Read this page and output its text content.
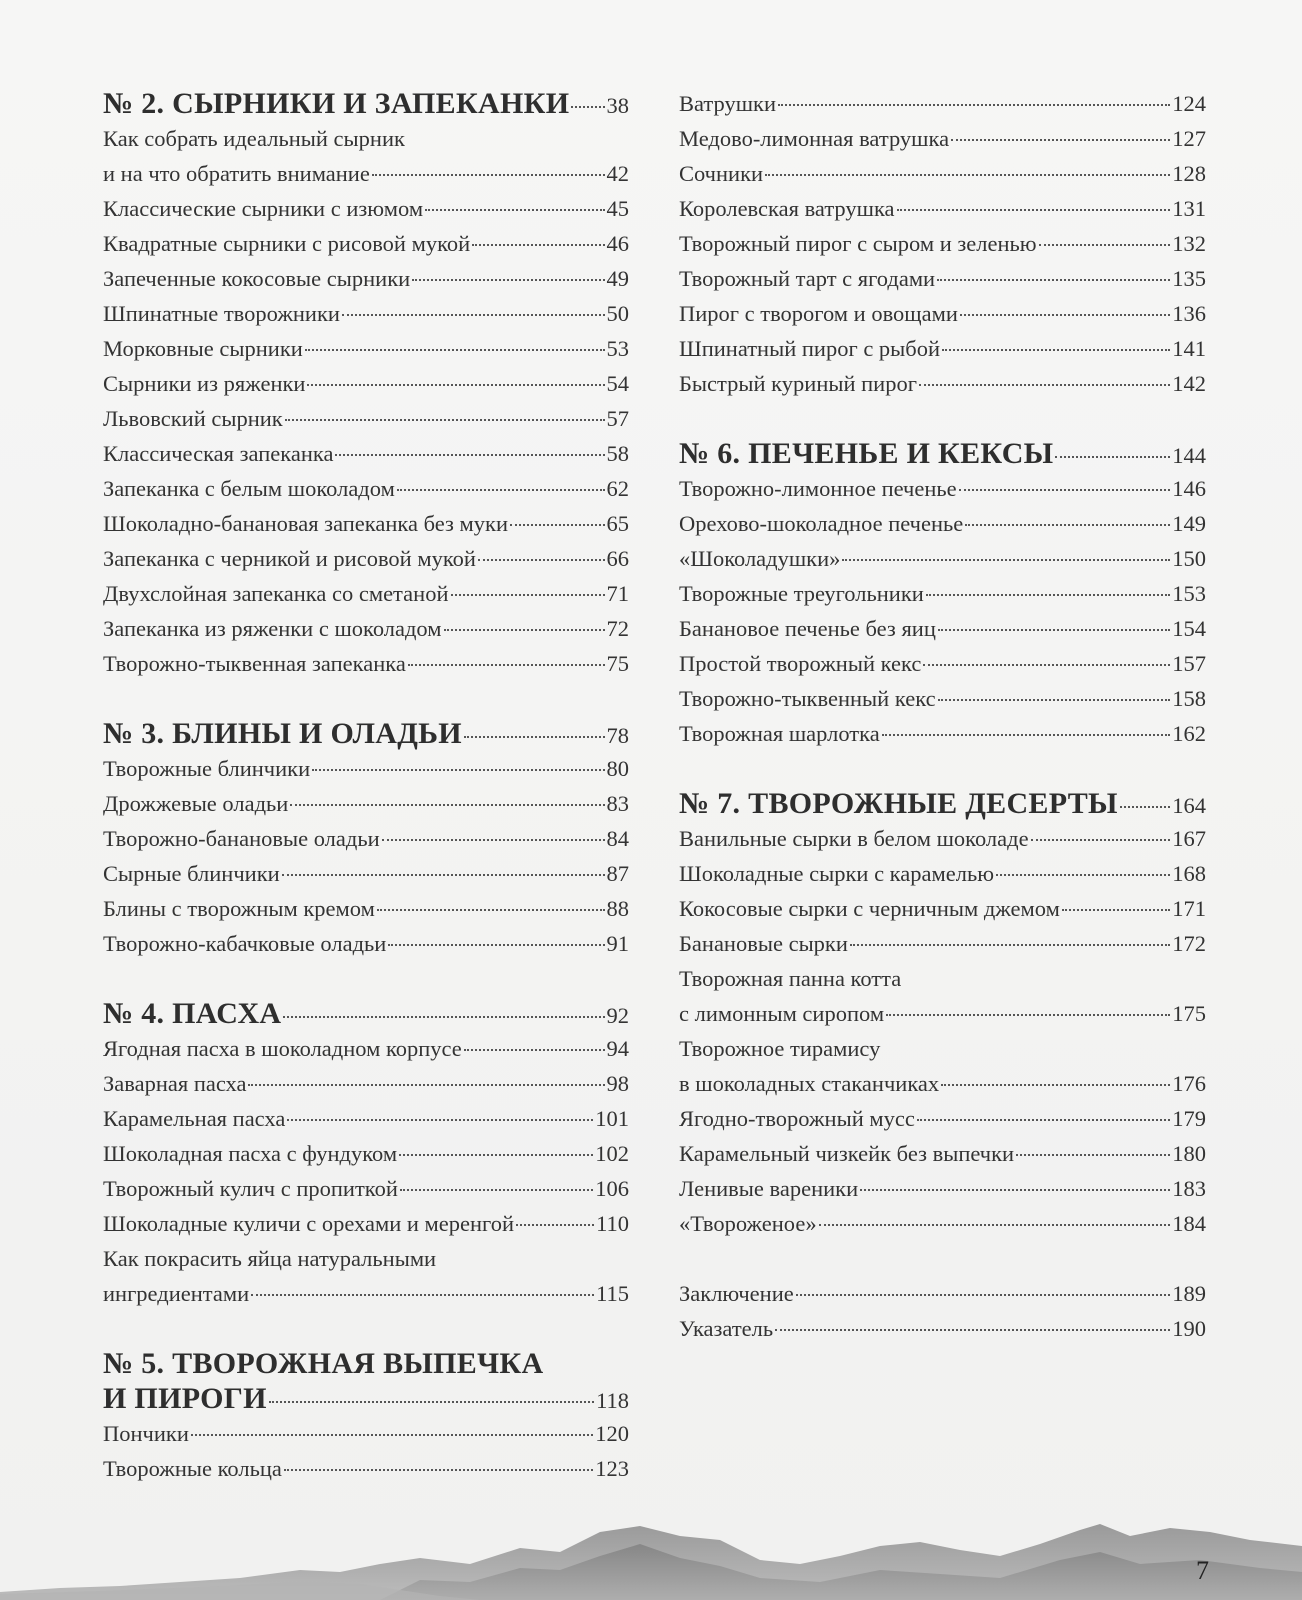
№ 2. СЫРНИКИ И ЗАПЕКАНКИ 38
Как собрать идеальный сырник
и на что обратить внимание	42
Классические сырники с изюмом	45
Квадратные сырники с рисовой мукой	46
Запеченные кокосовые сырники	49
Шпинатные творожники	50
Морковные сырники	53
Сырники из ряженки	54
Львовский сырник	57
Классическая запеканка	58
Запеканка с белым шоколадом	62
Шоколадно-банановая запеканка без муки	65
Запеканка с черникой и рисовой мукой	66
Двухслойная запеканка со сметаной	71
Запеканка из ряженки с шоколадом	72
Творожно-тыквенная запеканка	75
№ 3. БЛИНЫ И ОЛАДЬИ	78
Творожные блинчики	80
Дрожжевые оладьи	83
Творожно-банановые оладьи	84
Сырные блинчики	87
Блины с творожным кремом	88
Творожно-кабачковые оладьи	91
№ 4. ПАСХА	92
Ягодная пасха в шоколадном корпусе	94
Заварная пасха	98
Карамельная пасха	101
Шоколадная пасха с фундуком	102
Творожный кулич с пропиткой	106
Шоколадные куличи с орехами и меренгой	110
Как покрасить яйца натуральными
ингредиентами	115
№ 5. ТВОРОЖНАЯ ВЫПЕЧКА
И ПИРОГИ	118
Пончики	120
Творожные кольца	123
Ватрушки	124
Медово-лимонная ватрушка	127
Сочники	128
Королевская ватрушка	131
Творожный пирог с сыром и зеленью	132
Творожный тарт с ягодами	135
Пирог с творогом и овощами	136
Шпинатный пирог с рыбой	141
Быстрый куриный пирог	142
№ 6. ПЕЧЕНЬЕ И КЕКСЫ	144
Творожно-лимонное печенье	146
Орехово-шоколадное печенье	149
«Шоколадушки»	150
Творожные треугольники	153
Банановое печенье без яиц	154
Простой творожный кекс	157
Творожно-тыквенный кекс	158
Творожная шарлотка	162
№ 7. ТВОРОЖНЫЕ ДЕСЕРТЫ 164
Ванильные сырки в белом шоколаде	167
Шоколадные сырки с карамелью	168
Кокосовые сырки с черничным джемом	171
Банановые сырки	172
Творожная панна котта
с лимонным сиропом	175
Творожное тирамису
в шоколадных стаканчиках	176
Ягодно-творожный мусс	179
Карамельный чизкейк без выпечки	180
Ленивые вареники	183
«Твороженое»	184
Заключение	189
Указатель	190
7
